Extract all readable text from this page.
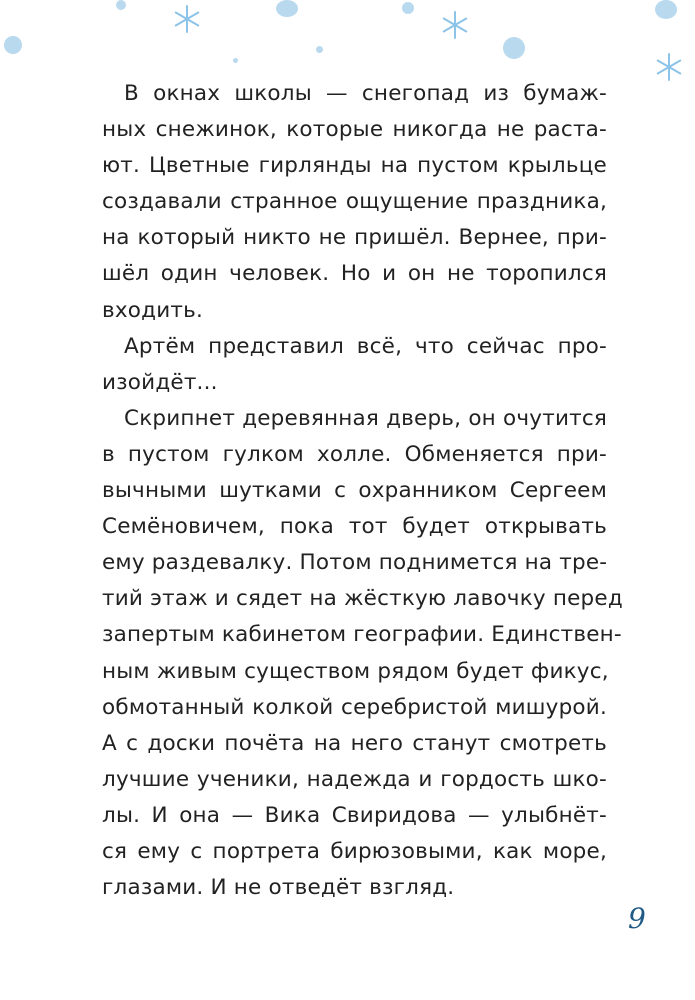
В окнах школы — снегопад из бумаж-
ных снежинок, которые никогда не раста-
ют. Цветные гирлянды на пустом крыльце
создавали странное ощущение праздника,
на который никто не пришёл. Вернее, при-
шёл один человек. Но и он не торопился
входить.

Артём представил всё, что сейчас про-
изойдёт...

Скрипнет деревянная дверь, он очутится
в пустом гулком холле. Обменяется при-
вычными шутками с охранником Сергеем
Семёновичем, пока тот будет открывать
ему раздевалку. Потом поднимется на тре-
тий этаж и сядет на жёсткую лавочку перед
запертым кабинетом географии. Единствен-
ным живым существом рядом будет фикус,
обмотанный колкой серебристой мишурой.
А с доски почёта на него станут смотреть
лучшие ученики, надежда и гордость шко-
лы. И она — Вика Свиридова — улыбнёт-
ся ему с портрета бирюзовыми, как море,
глазами. И не отведёт взгляд.

9
